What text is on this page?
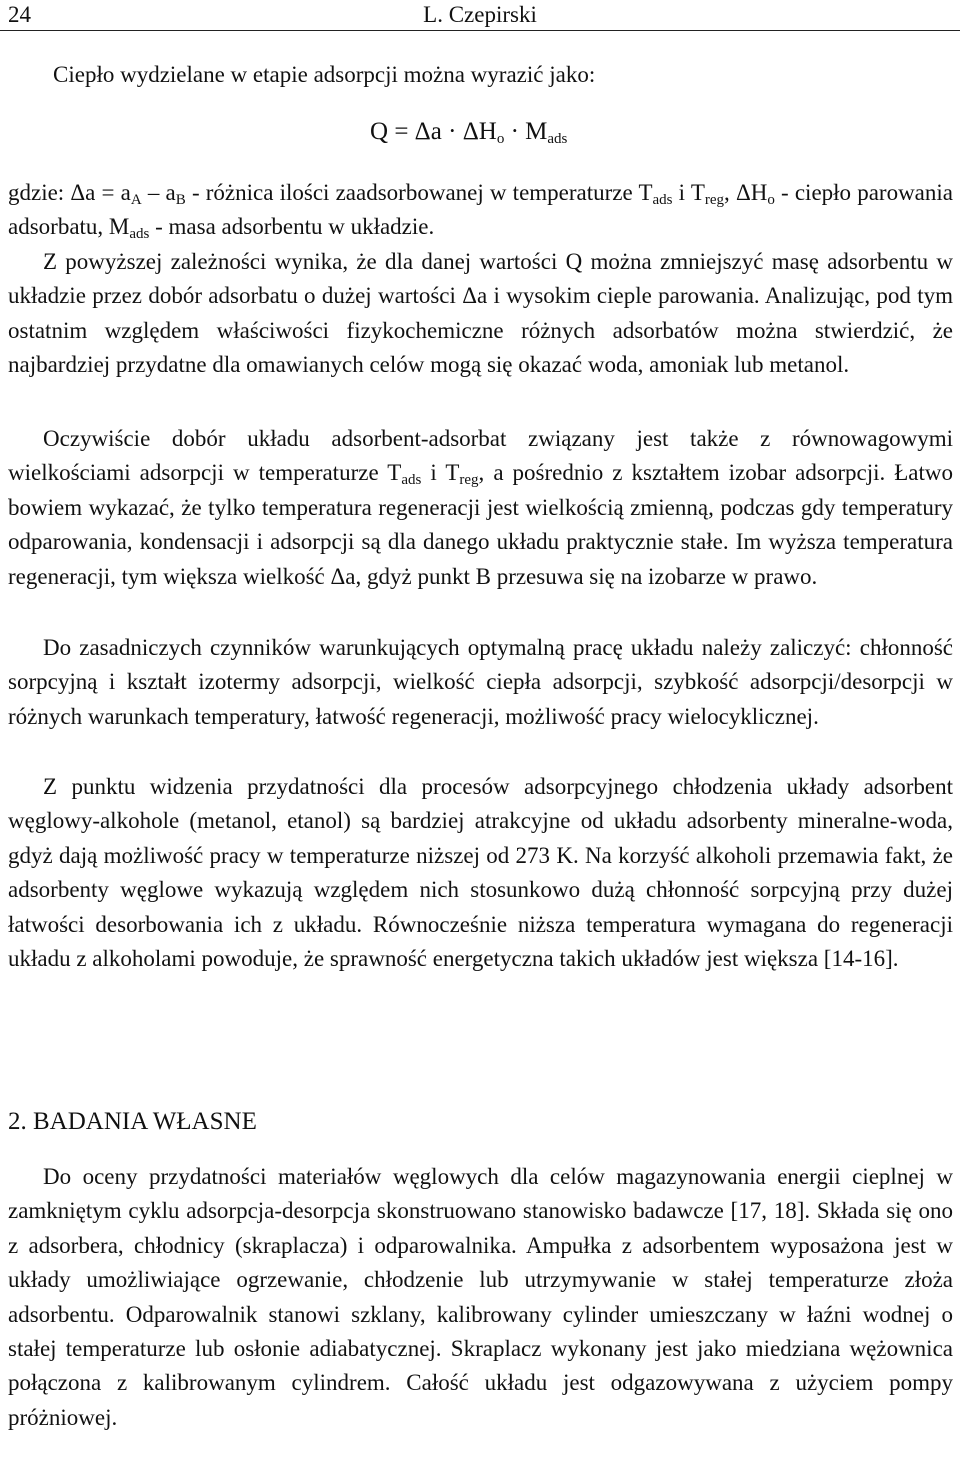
24	L. Czepirski
Ciepło wydzielane w etapie adsorpcji można wyrazić jako:
$Q = \Delta a \cdot \Delta H_o \cdot M_{ads}$
gdzie: $\Delta a = a_A - a_B$ - różnica ilości zaadsorbowanej w temperaturze $T_{ads}$ i $T_{reg}$, $\Delta H_o$ - ciepło parowania adsorbatu, $M_{ads}$ - masa adsorbentu w układzie.
Z powyższej zależności wynika, że dla danej wartości Q można zmniejszyć masę adsorbentu w układzie przez dobór adsorbatu o dużej wartości Δa i wysokim cieple parowania. Analizując, pod tym ostatnim względem właściwości fizykochemiczne różnych adsorbatów można stwierdzić, że najbardziej przydatne dla omawianych celów mogą się okazać woda, amoniak lub metanol.
Oczywiście dobór układu adsorbent-adsorbat związany jest także z równowagowymi wielkościami adsorpcji w temperaturze $T_{ads}$ i $T_{reg}$, a pośrednio z kształtem izobar adsorpcji. Łatwo bowiem wykazać, że tylko temperatura regeneracji jest wielkością zmienną, podczas gdy temperatury odparowania, kondensacji i adsorpcji są dla danego układu praktycznie stałe. Im wyższa temperatura regeneracji, tym większa wielkość Δa, gdyż punkt B przesuwa się na izobarze w prawo.
Do zasadniczych czynników warunkujących optymalną pracę układu należy zaliczyć: chłonność sorpcyjną i kształt izotermy adsorpcji, wielkość ciepła adsorpcji, szybkość adsorpcji/desorpcji w różnych warunkach temperatury, łatwość regeneracji, możliwość pracy wielocyklicznej.
Z punktu widzenia przydatności dla procesów adsorpcyjnego chłodzenia układy adsorbent węglowy-alkohole (metanol, etanol) są bardziej atrakcyjne od układu adsorbenty mineralne-woda, gdyż dają możliwość pracy w temperaturze niższej od 273 K. Na korzyść alkoholi przemawia fakt, że adsorbenty węglowe wykazują względem nich stosunkowo dużą chłonność sorpcyjną przy dużej łatwości desorbowania ich z układu. Równocześnie niższa temperatura wymagana do regeneracji układu z alkoholami powoduje, że sprawność energetyczna takich układów jest większa [14-16].
2. BADANIA WŁASNE
Do oceny przydatności materiałów węglowych dla celów magazynowania energii cieplnej w zamkniętym cyklu adsorpcja-desorpcja skonstruowano stanowisko badawcze [17, 18]. Składa się ono z adsorbera, chłodnicy (skraplacza) i odparowalnika. Ampułka z adsorbentem wyposażona jest w układy umożliwiające ogrzewanie, chłodzenie lub utrzymywanie w stałej temperaturze złoża adsorbentu. Odparowalnik stanowi szklany, kalibrowany cylinder umieszczany w łaźni wodnej o stałej temperaturze lub osłonie adiabatycznej. Skraplacz wykonany jest jako miedziana wężownica połączona z kalibrowanym cylindrem. Całość układu jest odgazowywana z użyciem pompy próżniowej.
